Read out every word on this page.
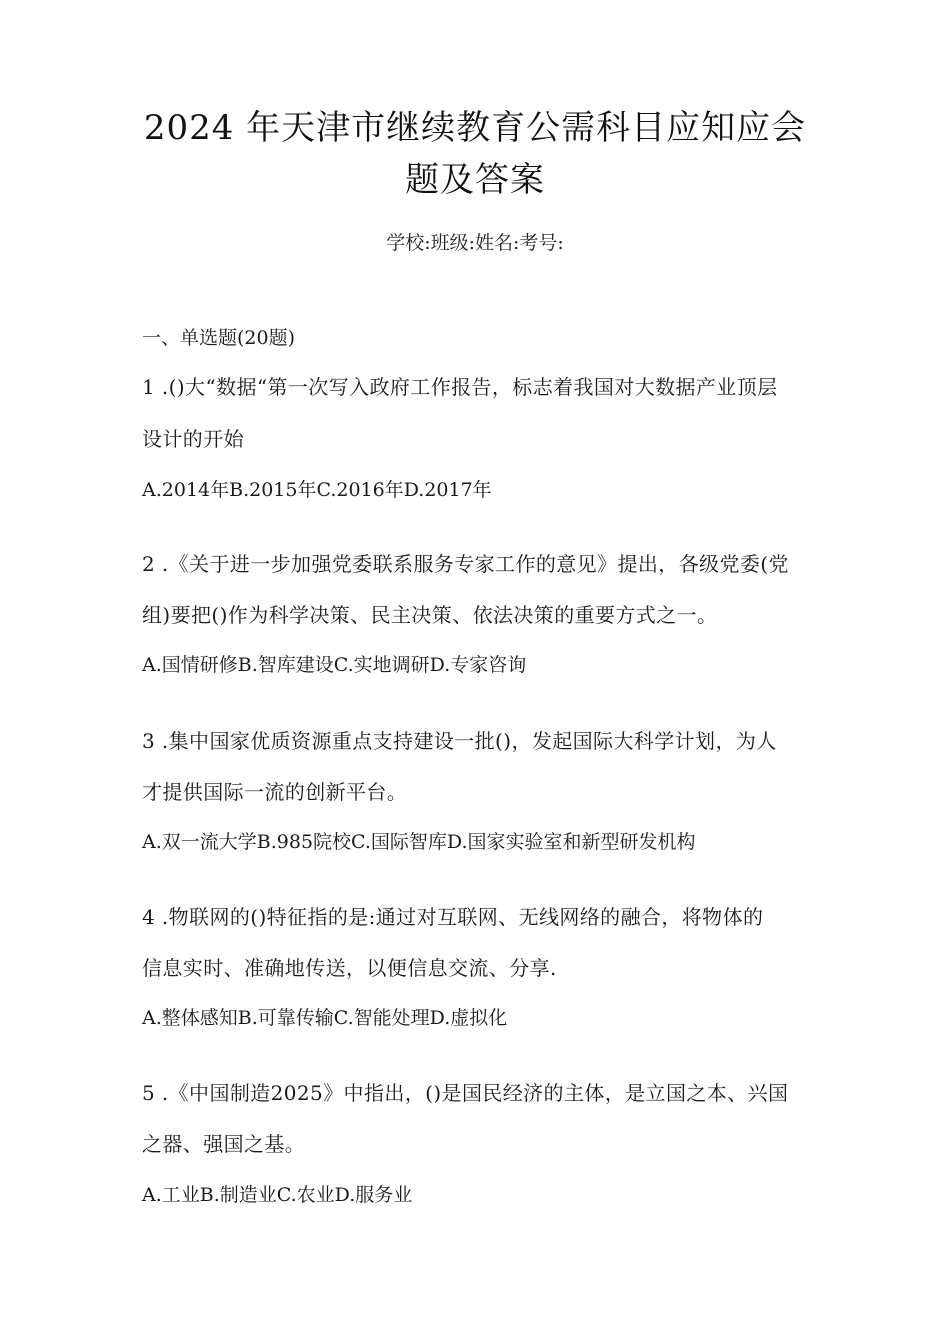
2024 年天津市继续教育公需科目应知应会
题及答案
学校:班级:姓名:考号:
一、单选题(20题)
1 .()大“数据“第一次写入政府工作报告，标志着我国对大数据产业顶层
设计的开始
A.2014年B.2015年C.2016年D.2017年
2 .《关于进一步加强党委联系服务专家工作的意见》提出，各级党委(党
组)要把()作为科学决策、民主决策、依法决策的重要方式之一。
A.国情研修B.智库建设C.实地调研D.专家咨询
3 .集中国家优质资源重点支持建设一批()，发起国际大科学计划，为人
才提供国际一流的创新平台。
A.双一流大学B.985院校C.国际智库D.国家实验室和新型研发机构
4 .物联网的()特征指的是:通过对互联网、无线网络的融合，将物体的
信息实时、准确地传送，以便信息交流、分享.
A.整体感知B.可靠传输C.智能处理D.虚拟化
5 .《中国制造2025》中指出，()是国民经济的主体，是立国之本、兴国
之器、强国之基。
A.工业B.制造业C.农业D.服务业
